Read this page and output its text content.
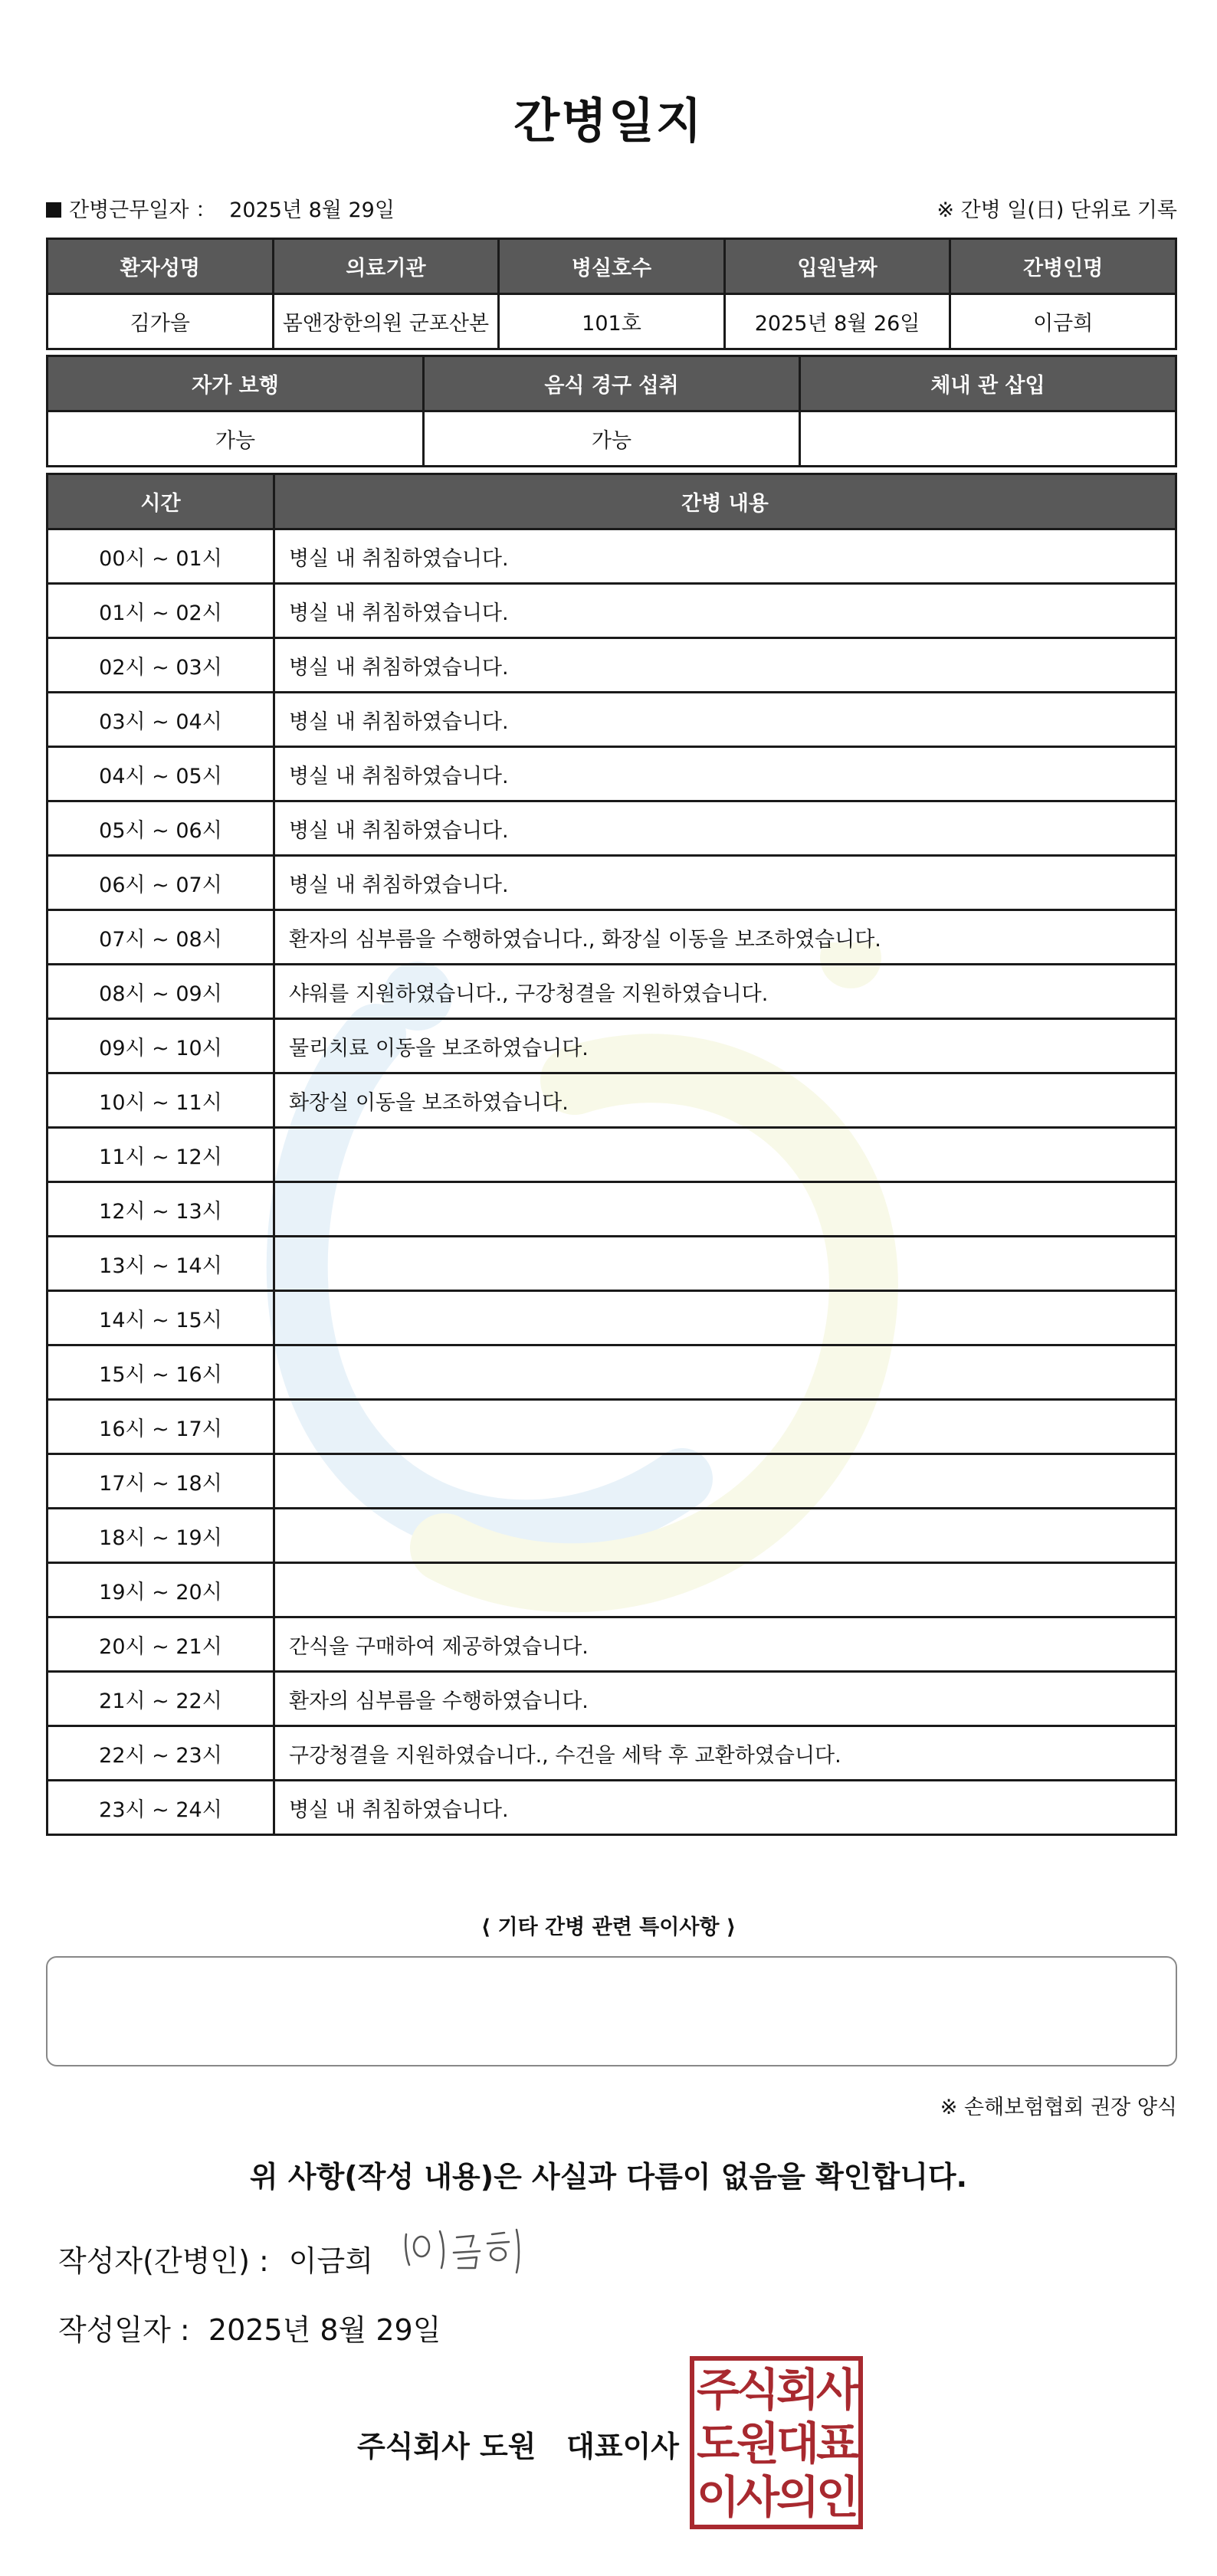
간병일지
간병근무일자 ： 2025년 8월 29일	※ 간병 일(日) 단위로 기록
환자성명	의료기관	병실호수	입원날짜	간병인명
김가을	몸앤장한의원 군포산본	101호	2025년 8월 26일	이금희
자가 보행	음식 경구 섭취	체내 관 삽입
가능	가능	
시간	간병 내용
00시 ~ 01시	병실 내 취침하였습니다.
01시 ~ 02시	병실 내 취침하였습니다.
02시 ~ 03시	병실 내 취침하였습니다.
03시 ~ 04시	병실 내 취침하였습니다.
04시 ~ 05시	병실 내 취침하였습니다.
05시 ~ 06시	병실 내 취침하였습니다.
06시 ~ 07시	병실 내 취침하였습니다.
07시 ~ 08시	환자의 심부름을 수행하였습니다., 화장실 이동을 보조하였습니다.
08시 ~ 09시	샤워를 지원하였습니다., 구강청결을 지원하였습니다.
09시 ~ 10시	물리치료 이동을 보조하였습니다.
10시 ~ 11시	화장실 이동을 보조하였습니다.
11시 ~ 12시	
12시 ~ 13시	
13시 ~ 14시	
14시 ~ 15시	
15시 ~ 16시	
16시 ~ 17시	
17시 ~ 18시	
18시 ~ 19시	
19시 ~ 20시	
20시 ~ 21시	간식을 구매하여 제공하였습니다.
21시 ~ 22시	환자의 심부름을 수행하였습니다.
22시 ~ 23시	구강청결을 지원하였습니다., 수건을 세탁 후 교환하였습니다.
23시 ~ 24시	병실 내 취침하였습니다.
⟨ 기타 간병 관련 특이사항 ⟩
※ 손해보험협회 권장 양식
위 사항(작성 내용)은 사실과 다름이 없음을 확인합니다.
작성자(간병인) : 이금희
작성일자 : 2025년 8월 29일
주식회사 도원   대표이사
주식회사
도원대표
이사의인
